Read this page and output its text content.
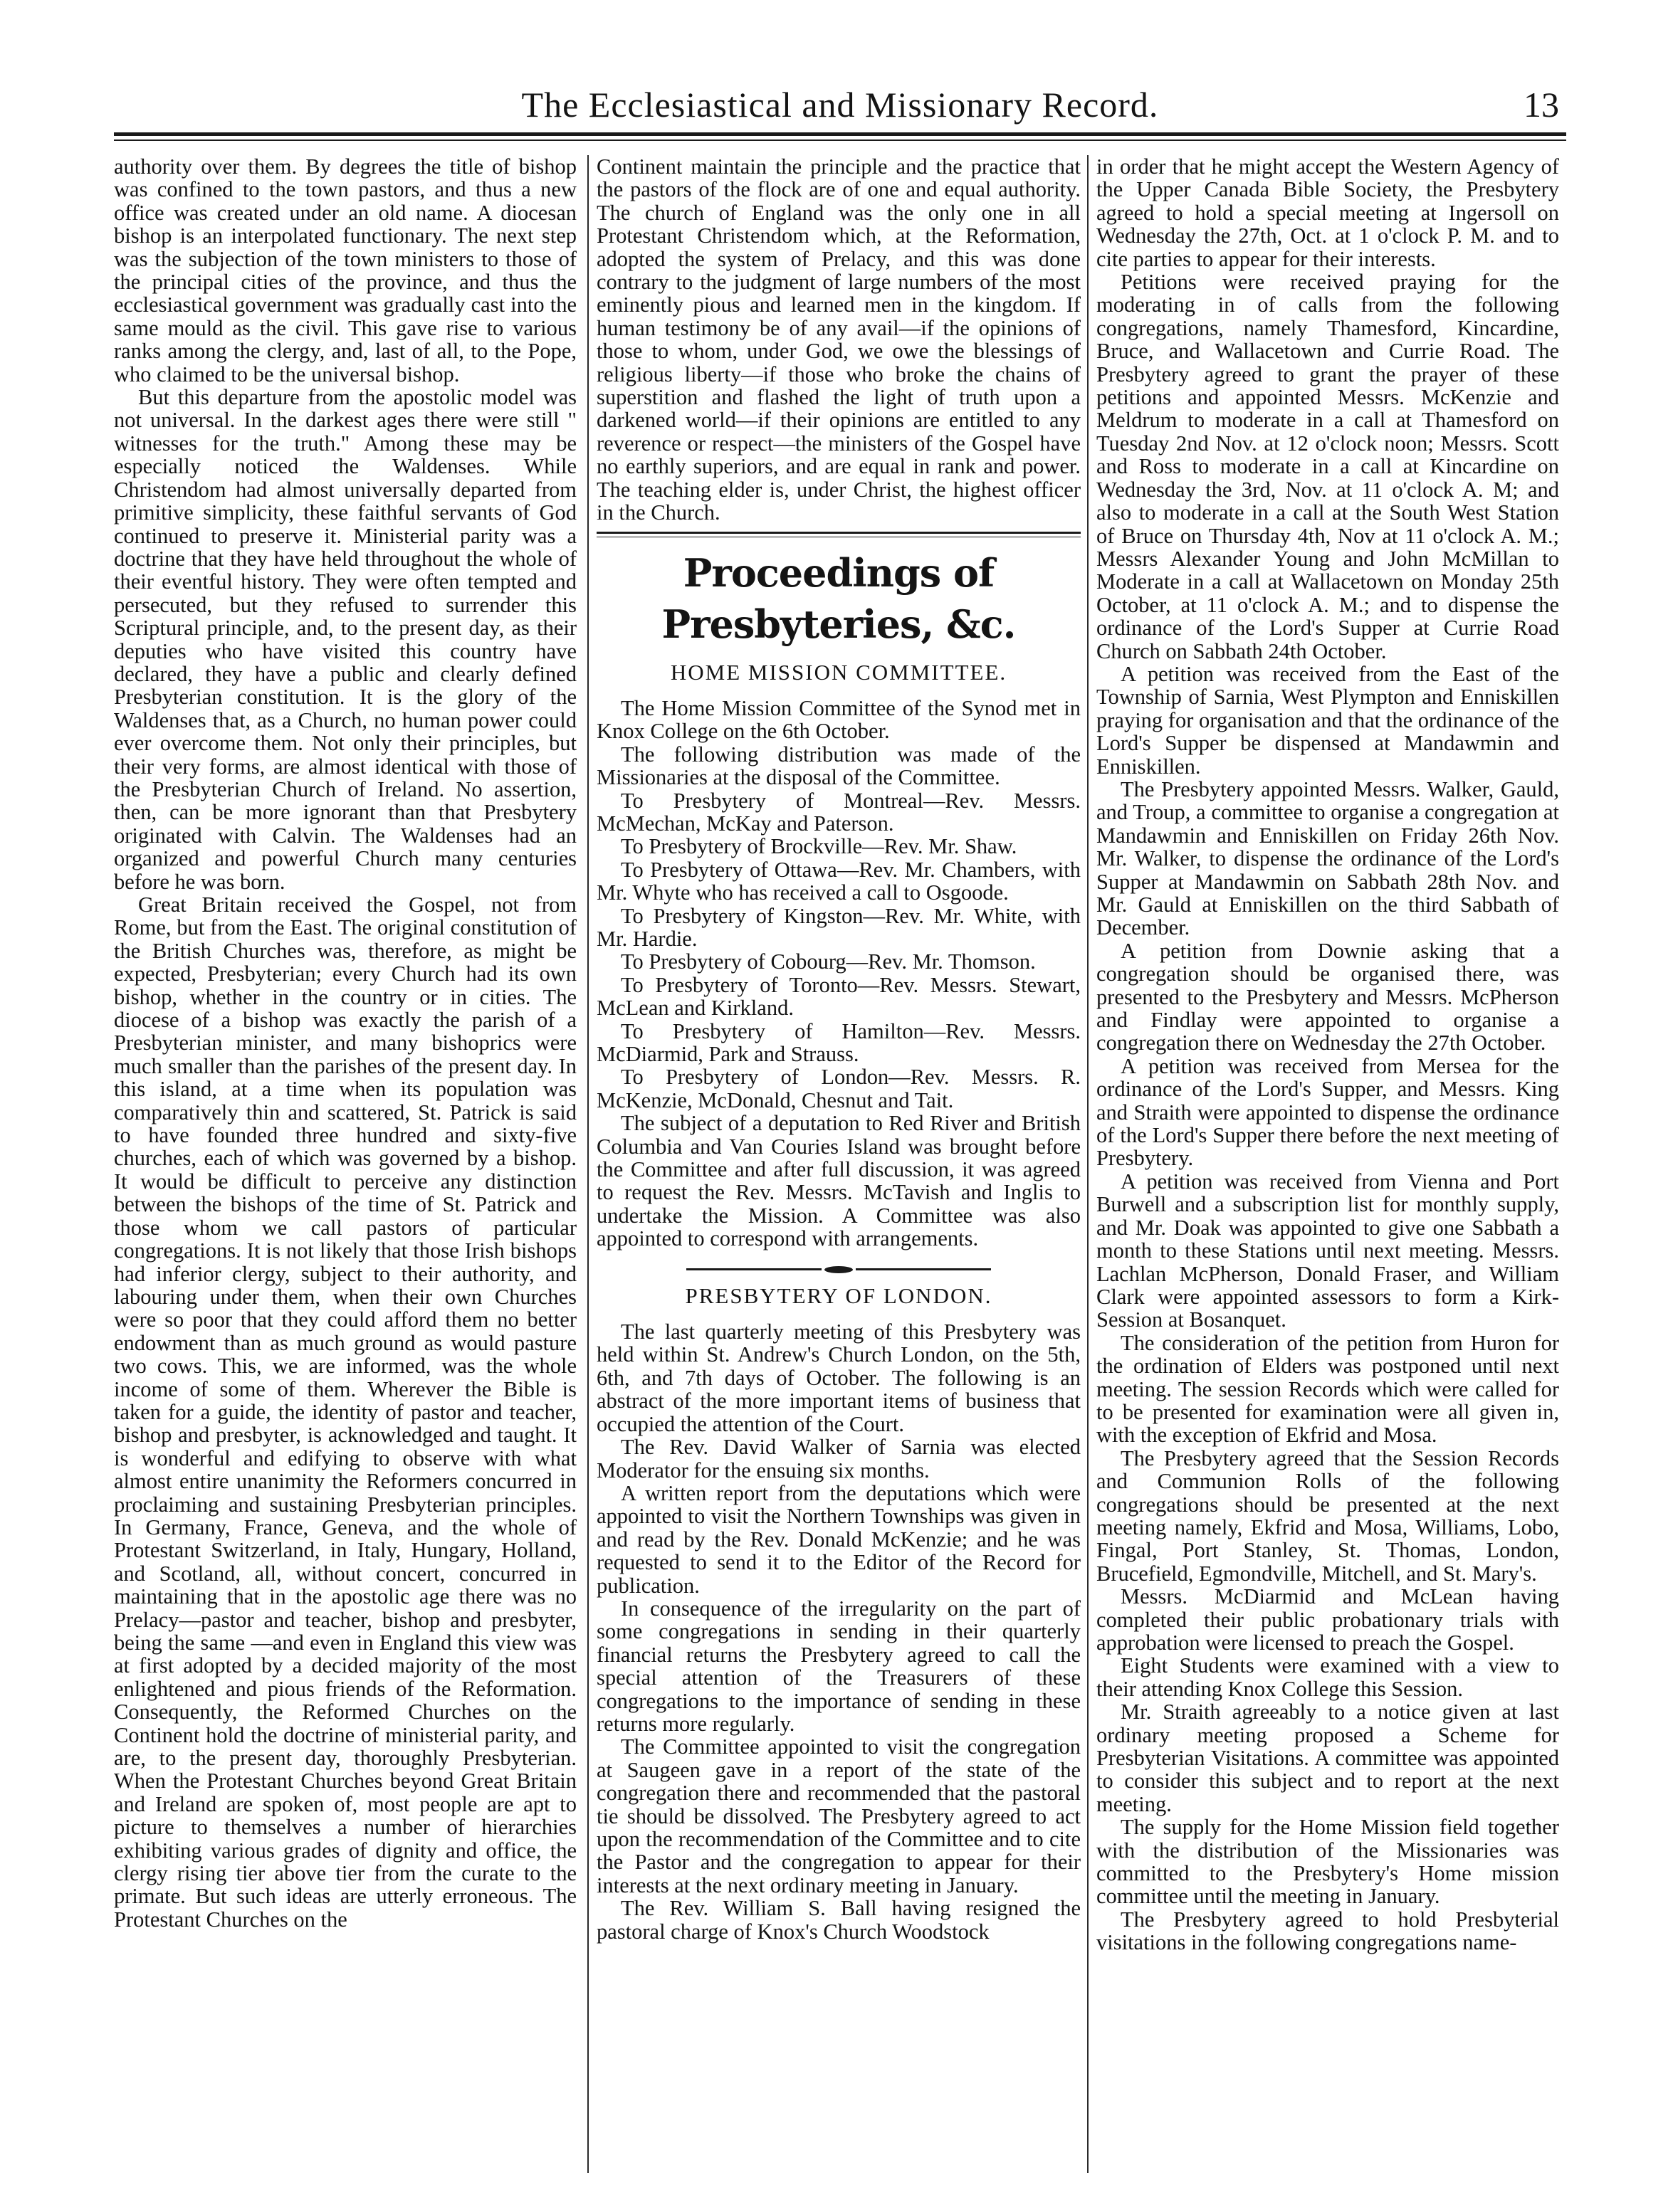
The Ecclesiastical and Missionary Record.	13

authority over them. By degrees the title of bishop was confined to the town pastors, and thus a new office was created under an old name. A diocesan bishop is an interpolated functionary. The next step was the subjection of the town ministers to those of the principal cities of the province, and thus the ecclesiastical government was gradually cast into the same mould as the civil. This gave rise to various ranks among the clergy, and, last of all, to the Pope, who claimed to be the universal bishop.

But this departure from the apostolic model was not universal. In the darkest ages there were still " witnesses for the truth." Among these may be especially noticed the Waldenses. While Christendom had almost universally departed from primitive simplicity, these faithful servants of God continued to preserve it. Ministerial parity was a doctrine that they have held throughout the whole of their eventful history. They were often tempted and persecuted, but they refused to surrender this Scriptural principle, and, to the present day, as their deputies who have visited this country have declared, they have a public and clearly defined Presbyterian constitution. It is the glory of the Waldenses that, as a Church, no human power could ever overcome them. Not only their principles, but their very forms, are almost identical with those of the Presbyterian Church of Ireland. No assertion, then, can be more ignorant than that Presbytery originated with Calvin. The Waldenses had an organized and powerful Church many centuries before he was born.

Great Britain received the Gospel, not from Rome, but from the East. The original constitution of the British Churches was, therefore, as might be expected, Presbyterian; every Church had its own bishop, whether in the country or in cities. The diocese of a bishop was exactly the parish of a Presbyterian minister, and many bishoprics were much smaller than the parishes of the present day. In this island, at a time when its population was comparatively thin and scattered, St. Patrick is said to have founded three hundred and sixty-five churches, each of which was governed by a bishop. It would be difficult to perceive any distinction between the bishops of the time of St. Patrick and those whom we call pastors of particular congregations. It is not likely that those Irish bishops had inferior clergy, subject to their authority, and labouring under them, when their own Churches were so poor that they could afford them no better endowment than as much ground as would pasture two cows. This, we are informed, was the whole income of some of them. Wherever the Bible is taken for a guide, the identity of pastor and teacher, bishop and presbyter, is acknowledged and taught. It is wonderful and edifying to observe with what almost entire unanimity the Reformers concurred in proclaiming and sustaining Presbyterian principles. In Germany, France, Geneva, and the whole of Protestant Switzerland, in Italy, Hungary, Holland, and Scotland, all, without concert, concurred in maintaining that in the apostolic age there was no Prelacy—pastor and teacher, bishop and presbyter, being the same —and even in England this view was at first adopted by a decided majority of the most enlightened and pious friends of the Reformation. Consequently, the Reformed Churches on the Continent hold the doctrine of ministerial parity, and are, to the present day, thoroughly Presbyterian. When the Protestant Churches beyond Great Britain and Ireland are spoken of, most people are apt to picture to themselves a number of hierarchies exhibiting various grades of dignity and office, the clergy rising tier above tier from the curate to the primate. But such ideas are utterly erroneous. The Protestant Churches on the

Continent maintain the principle and the practice that the pastors of the flock are of one and equal authority. The church of England was the only one in all Protestant Christendom which, at the Reformation, adopted the system of Prelacy, and this was done contrary to the judgment of large numbers of the most eminently pious and learned men in the kingdom. If human testimony be of any avail—if the opinions of those to whom, under God, we owe the blessings of religious liberty—if those who broke the chains of superstition and flashed the light of truth upon a darkened world—if their opinions are entitled to any reverence or respect—the ministers of the Gospel have no earthly superiors, and are equal in rank and power. The teaching elder is, under Christ, the highest officer in the Church.

Proceedings of Presbyteries, &c.
HOME MISSION COMMITTEE.

The Home Mission Committee of the Synod met in Knox College on the 6th October.

The following distribution was made of the Missionaries at the disposal of the Committee.

To Presbytery of Montreal—Rev. Messrs. McMechan, McKay and Paterson.

To Presbytery of Brockville—Rev. Mr. Shaw.

To Presbytery of Ottawa—Rev. Mr. Chambers, with Mr. Whyte who has received a call to Osgoode.

To Presbytery of Kingston—Rev. Mr. White, with Mr. Hardie.

To Presbytery of Cobourg—Rev. Mr. Thomson.

To Presbytery of Toronto—Rev. Messrs. Stewart, McLean and Kirkland.

To Presbytery of Hamilton—Rev. Messrs. McDiarmid, Park and Strauss.

To Presbytery of London—Rev. Messrs. R. McKenzie, McDonald, Chesnut and Tait.

The subject of a deputation to Red River and British Columbia and Van Couries Island was brought before the Committee and after full discussion, it was agreed to request the Rev. Messrs. McTavish and Inglis to undertake the Mission. A Committee was also appointed to correspond with arrangements.

PRESBYTERY OF LONDON.

The last quarterly meeting of this Presbytery was held within St. Andrew's Church London, on the 5th, 6th, and 7th days of October. The following is an abstract of the more important items of business that occupied the attention of the Court.

The Rev. David Walker of Sarnia was elected Moderator for the ensuing six months.

A written report from the deputations which were appointed to visit the Northern Townships was given in and read by the Rev. Donald McKenzie; and he was requested to send it to the Editor of the Record for publication.

In consequence of the irregularity on the part of some congregations in sending in their quarterly financial returns the Presbytery agreed to call the special attention of the Treasurers of these congregations to the importance of sending in these returns more regularly.

The Committee appointed to visit the congregation at Saugeen gave in a report of the state of the congregation there and recommended that the pastoral tie should be dissolved. The Presbytery agreed to act upon the recommendation of the Committee and to cite the Pastor and the congregation to appear for their interests at the next ordinary meeting in January.

The Rev. William S. Ball having resigned the pastoral charge of Knox's Church Woodstock

in order that he might accept the Western Agency of the Upper Canada Bible Society, the Presbytery agreed to hold a special meeting at Ingersoll on Wednesday the 27th, Oct. at 1 o'clock P. M. and to cite parties to appear for their interests.

Petitions were received praying for the moderating in of calls from the following congregations, namely Thamesford, Kincardine, Bruce, and Wallacetown and Currie Road. The Presbytery agreed to grant the prayer of these petitions and appointed Messrs. McKenzie and Meldrum to moderate in a call at Thamesford on Tuesday 2nd Nov. at 12 o'clock noon; Messrs. Scott and Ross to moderate in a call at Kincardine on Wednesday the 3rd, Nov. at 11 o'clock A. M; and also to moderate in a call at the South West Station of Bruce on Thursday 4th, Nov at 11 o'clock A. M.; Messrs Alexander Young and John McMillan to Moderate in a call at Wallacetown on Monday 25th October, at 11 o'clock A. M.; and to dispense the ordinance of the Lord's Supper at Currie Road Church on Sabbath 24th October.

A petition was received from the East of the Township of Sarnia, West Plympton and Enniskillen praying for organisation and that the ordinance of the Lord's Supper be dispensed at Mandawmin and Enniskillen.

The Presbytery appointed Messrs. Walker, Gauld, and Troup, a committee to organise a congregation at Mandawmin and Enniskillen on Friday 26th Nov. Mr. Walker, to dispense the ordinance of the Lord's Supper at Mandawmin on Sabbath 28th Nov. and Mr. Gauld at Enniskillen on the third Sabbath of December.

A petition from Downie asking that a congregation should be organised there, was presented to the Presbytery and Messrs. McPherson and Findlay were appointed to organise a congregation there on Wednesday the 27th October.

A petition was received from Mersea for the ordinance of the Lord's Supper, and Messrs. King and Straith were appointed to dispense the ordinance of the Lord's Supper there before the next meeting of Presbytery.

A petition was received from Vienna and Port Burwell and a subscription list for monthly supply, and Mr. Doak was appointed to give one Sabbath a month to these Stations until next meeting. Messrs. Lachlan McPherson, Donald Fraser, and William Clark were appointed assessors to form a Kirk-Session at Bosanquet.

The consideration of the petition from Huron for the ordination of Elders was postponed until next meeting. The session Records which were called for to be presented for examination were all given in, with the exception of Ekfrid and Mosa.

The Presbytery agreed that the Session Records and Communion Rolls of the following congregations should be presented at the next meeting namely, Ekfrid and Mosa, Williams, Lobo, Fingal, Port Stanley, St. Thomas, London, Brucefield, Egmondville, Mitchell, and St. Mary's.

Messrs. McDiarmid and McLean having completed their public probationary trials with approbation were licensed to preach the Gospel.

Eight Students were examined with a view to their attending Knox College this Session.

Mr. Straith agreeably to a notice given at last ordinary meeting proposed a Scheme for Presbyterian Visitations. A committee was appointed to consider this subject and to report at the next meeting.

The supply for the Home Mission field together with the distribution of the Missionaries was committed to the Presbytery's Home mission committee until the meeting in January.

The Presbytery agreed to hold Presbyterial visitations in the following congregations name-
